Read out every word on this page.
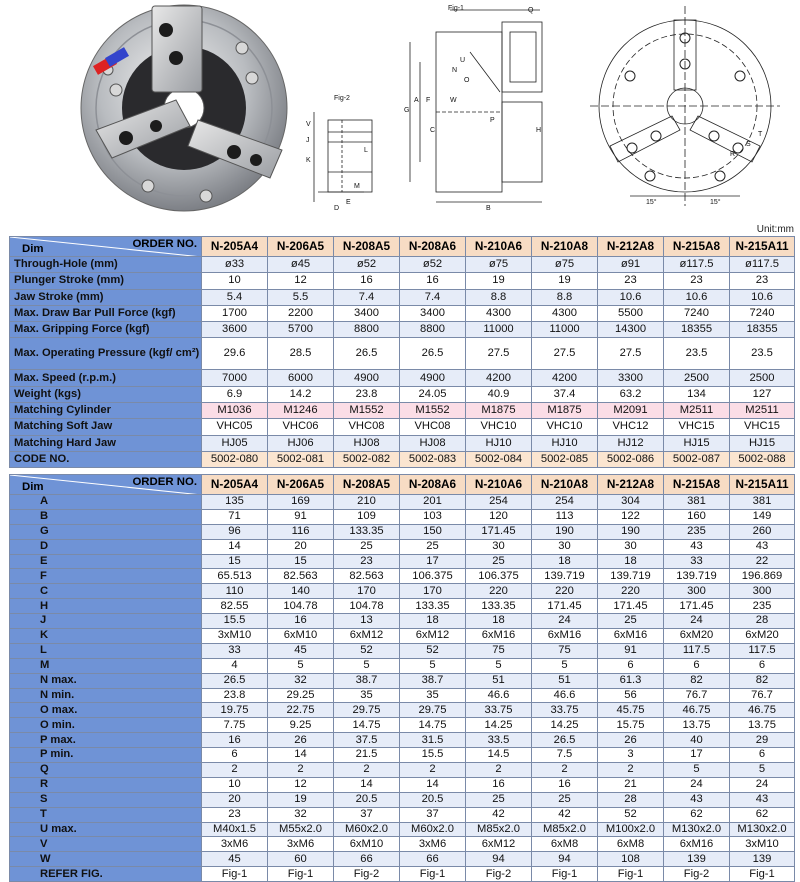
Fig-2
M
E
D
K
J
V
L
Fig-1
G
A F	W
H
N
O
C
B
P
Q
U
R
S
T
15°	15°
Unit:mm
ORDER NO.
Dim	N-205A4	N-206A5	N-208A5	N-208A6	N-210A6	N-210A8	N-212A8	N-215A8	N-215A11
Through-Hole (mm)	ø33	ø45	ø52	ø52	ø75	ø75	ø91	ø117.5	ø117.5
Plunger Stroke (mm)	10	12	16	16	19	19	23	23	23
Jaw Stroke (mm)	5.4	5.5	7.4	7.4	8.8	8.8	10.6	10.6	10.6
Max. Draw Bar Pull Force (kgf)	1700	2200	3400	3400	4300	4300	5500	7240	7240
Max. Gripping Force (kgf)	3600	5700	8800	8800	11000	11000	14300	18355	18355
Max. Operating Pressure (kgf/ cm²)	29.6	28.5	26.5	26.5	27.5	27.5	27.5	23.5	23.5
Max. Speed (r.p.m.)	7000	6000	4900	4900	4200	4200	3300	2500	2500
Weight (kgs)	6.9	14.2	23.8	24.05	40.9	37.4	63.2	134	127
Matching Cylinder	M1036	M1246	M1552	M1552	M1875	M1875	M2091	M2511	M2511
Matching Soft Jaw	VHC05	VHC06	VHC08	VHC08	VHC10	VHC10	VHC12	VHC15	VHC15
Matching Hard Jaw	HJ05	HJ06	HJ08	HJ08	HJ10	HJ10	HJ12	HJ15	HJ15
CODE NO.	5002-080	5002-081	5002-082	5002-083	5002-084	5002-085	5002-086	5002-087	5002-088
ORDER NO.
Dim	N-205A4	N-206A5	N-208A5	N-208A6	N-210A6	N-210A8	N-212A8	N-215A8	N-215A11
A	135	169	210	201	254	254	304	381	381
B	71	91	109	103	120	113	122	160	149
G	96	116	133.35	150	171.45	190	190	235	260
D	14	20	25	25	30	30	30	43	43
E	15	15	23	17	25	18	18	33	22
F	65.513	82.563	82.563	106.375	106.375	139.719	139.719	139.719	196.869
C	110	140	170	170	220	220	220	300	300
H	82.55	104.78	104.78	133.35	133.35	171.45	171.45	171.45	235
J	15.5	16	13	18	18	24	25	24	28
K	3xM10	6xM10	6xM12	6xM12	6xM16	6xM16	6xM16	6xM20	6xM20
L	33	45	52	52	75	75	91	117.5	117.5
M	4	5	5	5	5	5	6	6	6
N max.	26.5	32	38.7	38.7	51	51	61.3	82	82
N min.	23.8	29.25	35	35	46.6	46.6	56	76.7	76.7
O max.	19.75	22.75	29.75	29.75	33.75	33.75	45.75	46.75	46.75
O min.	7.75	9.25	14.75	14.75	14.25	14.25	15.75	13.75	13.75
P max.	16	26	37.5	31.5	33.5	26.5	26	40	29
P min.	6	14	21.5	15.5	14.5	7.5	3	17	6
Q	2	2	2	2	2	2	2	5	5
R	10	12	14	14	16	16	21	24	24
S	20	19	20.5	20.5	25	25	28	43	43
T	23	32	37	37	42	42	52	62	62
U max.	M40x1.5	M55x2.0	M60x2.0	M60x2.0	M85x2.0	M85x2.0	M100x2.0	M130x2.0	M130x2.0
V	3xM6	3xM6	6xM10	3xM6	6xM12	6xM8	6xM8	6xM16	3xM10
W	45	60	66	66	94	94	108	139	139
REFER FIG.	Fig-1	Fig-1	Fig-2	Fig-1	Fig-2	Fig-1	Fig-1	Fig-2	Fig-1
